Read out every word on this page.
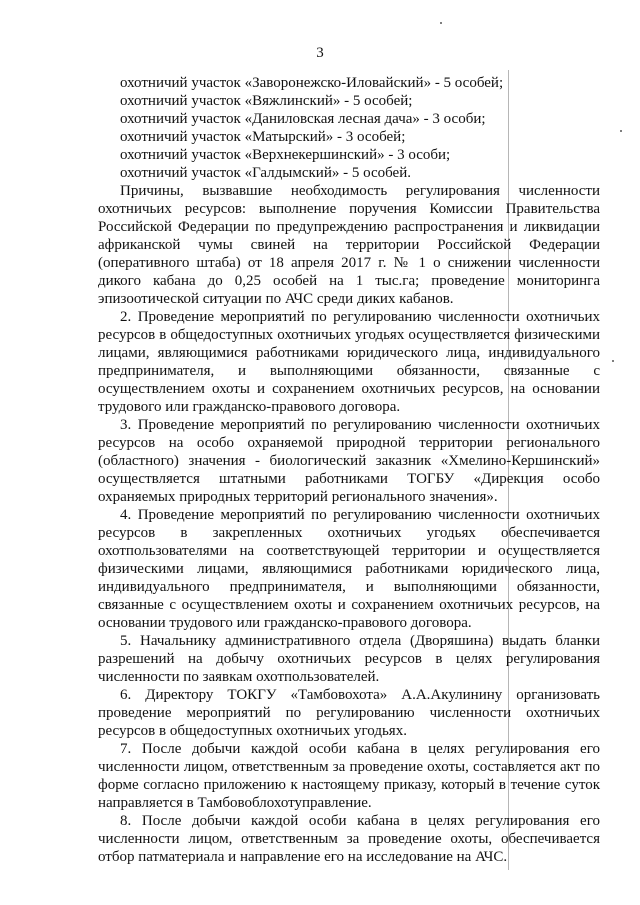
3
охотничий участок «Заворонежско-Иловайский» - 5 особей;
охотничий участок «Вяжлинский» - 5 особей;
охотничий участок «Даниловская лесная дача» - 3 особи;
охотничий участок «Матырский» - 3 особей;
охотничий участок «Верхнекершинский» - 3 особи;
охотничий участок «Галдымский» - 5 особей.

Причины, вызвавшие необходимость регулирования численности охотничьих ресурсов: выполнение поручения Комиссии Правительства Российской Федерации по предупреждению распространения и ликвидации африканской чумы свиней на территории Российской Федерации (оперативного штаба) от 18 апреля 2017 г. № 1 о снижении численности дикого кабана до 0,25 особей на 1 тыс.га; проведение мониторинга эпизоотической ситуации по АЧС среди диких кабанов.

2. Проведение мероприятий по регулированию численности охотничьих ресурсов в общедоступных охотничьих угодьях осуществляется физическими лицами, являющимися работниками юридического лица, индивидуального предпринимателя, и выполняющими обязанности, связанные с осуществлением охоты и сохранением охотничьих ресурсов, на основании трудового или гражданско-правового договора.

3. Проведение мероприятий по регулированию численности охотничьих ресурсов на особо охраняемой природной территории регионального (областного) значения - биологический заказник «Хмелино-Кершинский» осуществляется штатными работниками ТОГБУ «Дирекция особо охраняемых природных территорий регионального значения».

4. Проведение мероприятий по регулированию численности охотничьих ресурсов в закрепленных охотничьих угодьях обеспечивается охотпользователями на соответствующей территории и осуществляется физическими лицами, являющимися работниками юридического лица, индивидуального предпринимателя, и выполняющими обязанности, связанные с осуществлением охоты и сохранением охотничьих ресурсов, на основании трудового или гражданско-правового договора.

5. Начальнику административного отдела (Дворяшина) выдать бланки разрешений на добычу охотничьих ресурсов в целях регулирования численности по заявкам охотпользователей.

6. Директору ТОКГУ «Тамбовохота» А.А.Акулинину организовать проведение мероприятий по регулированию численности охотничьих ресурсов в общедоступных охотничьих угодьях.

7. После добычи каждой особи кабана в целях регулирования его численности лицом, ответственным за проведение охоты, составляется акт по форме согласно приложению к настоящему приказу, который в течение суток направляется в Тамбовоблохотуправление.

8. После добычи каждой особи кабана в целях регулирования его численности лицом, ответственным за проведение охоты, обеспечивается отбор патматериала и направление его на исследование на АЧС.
